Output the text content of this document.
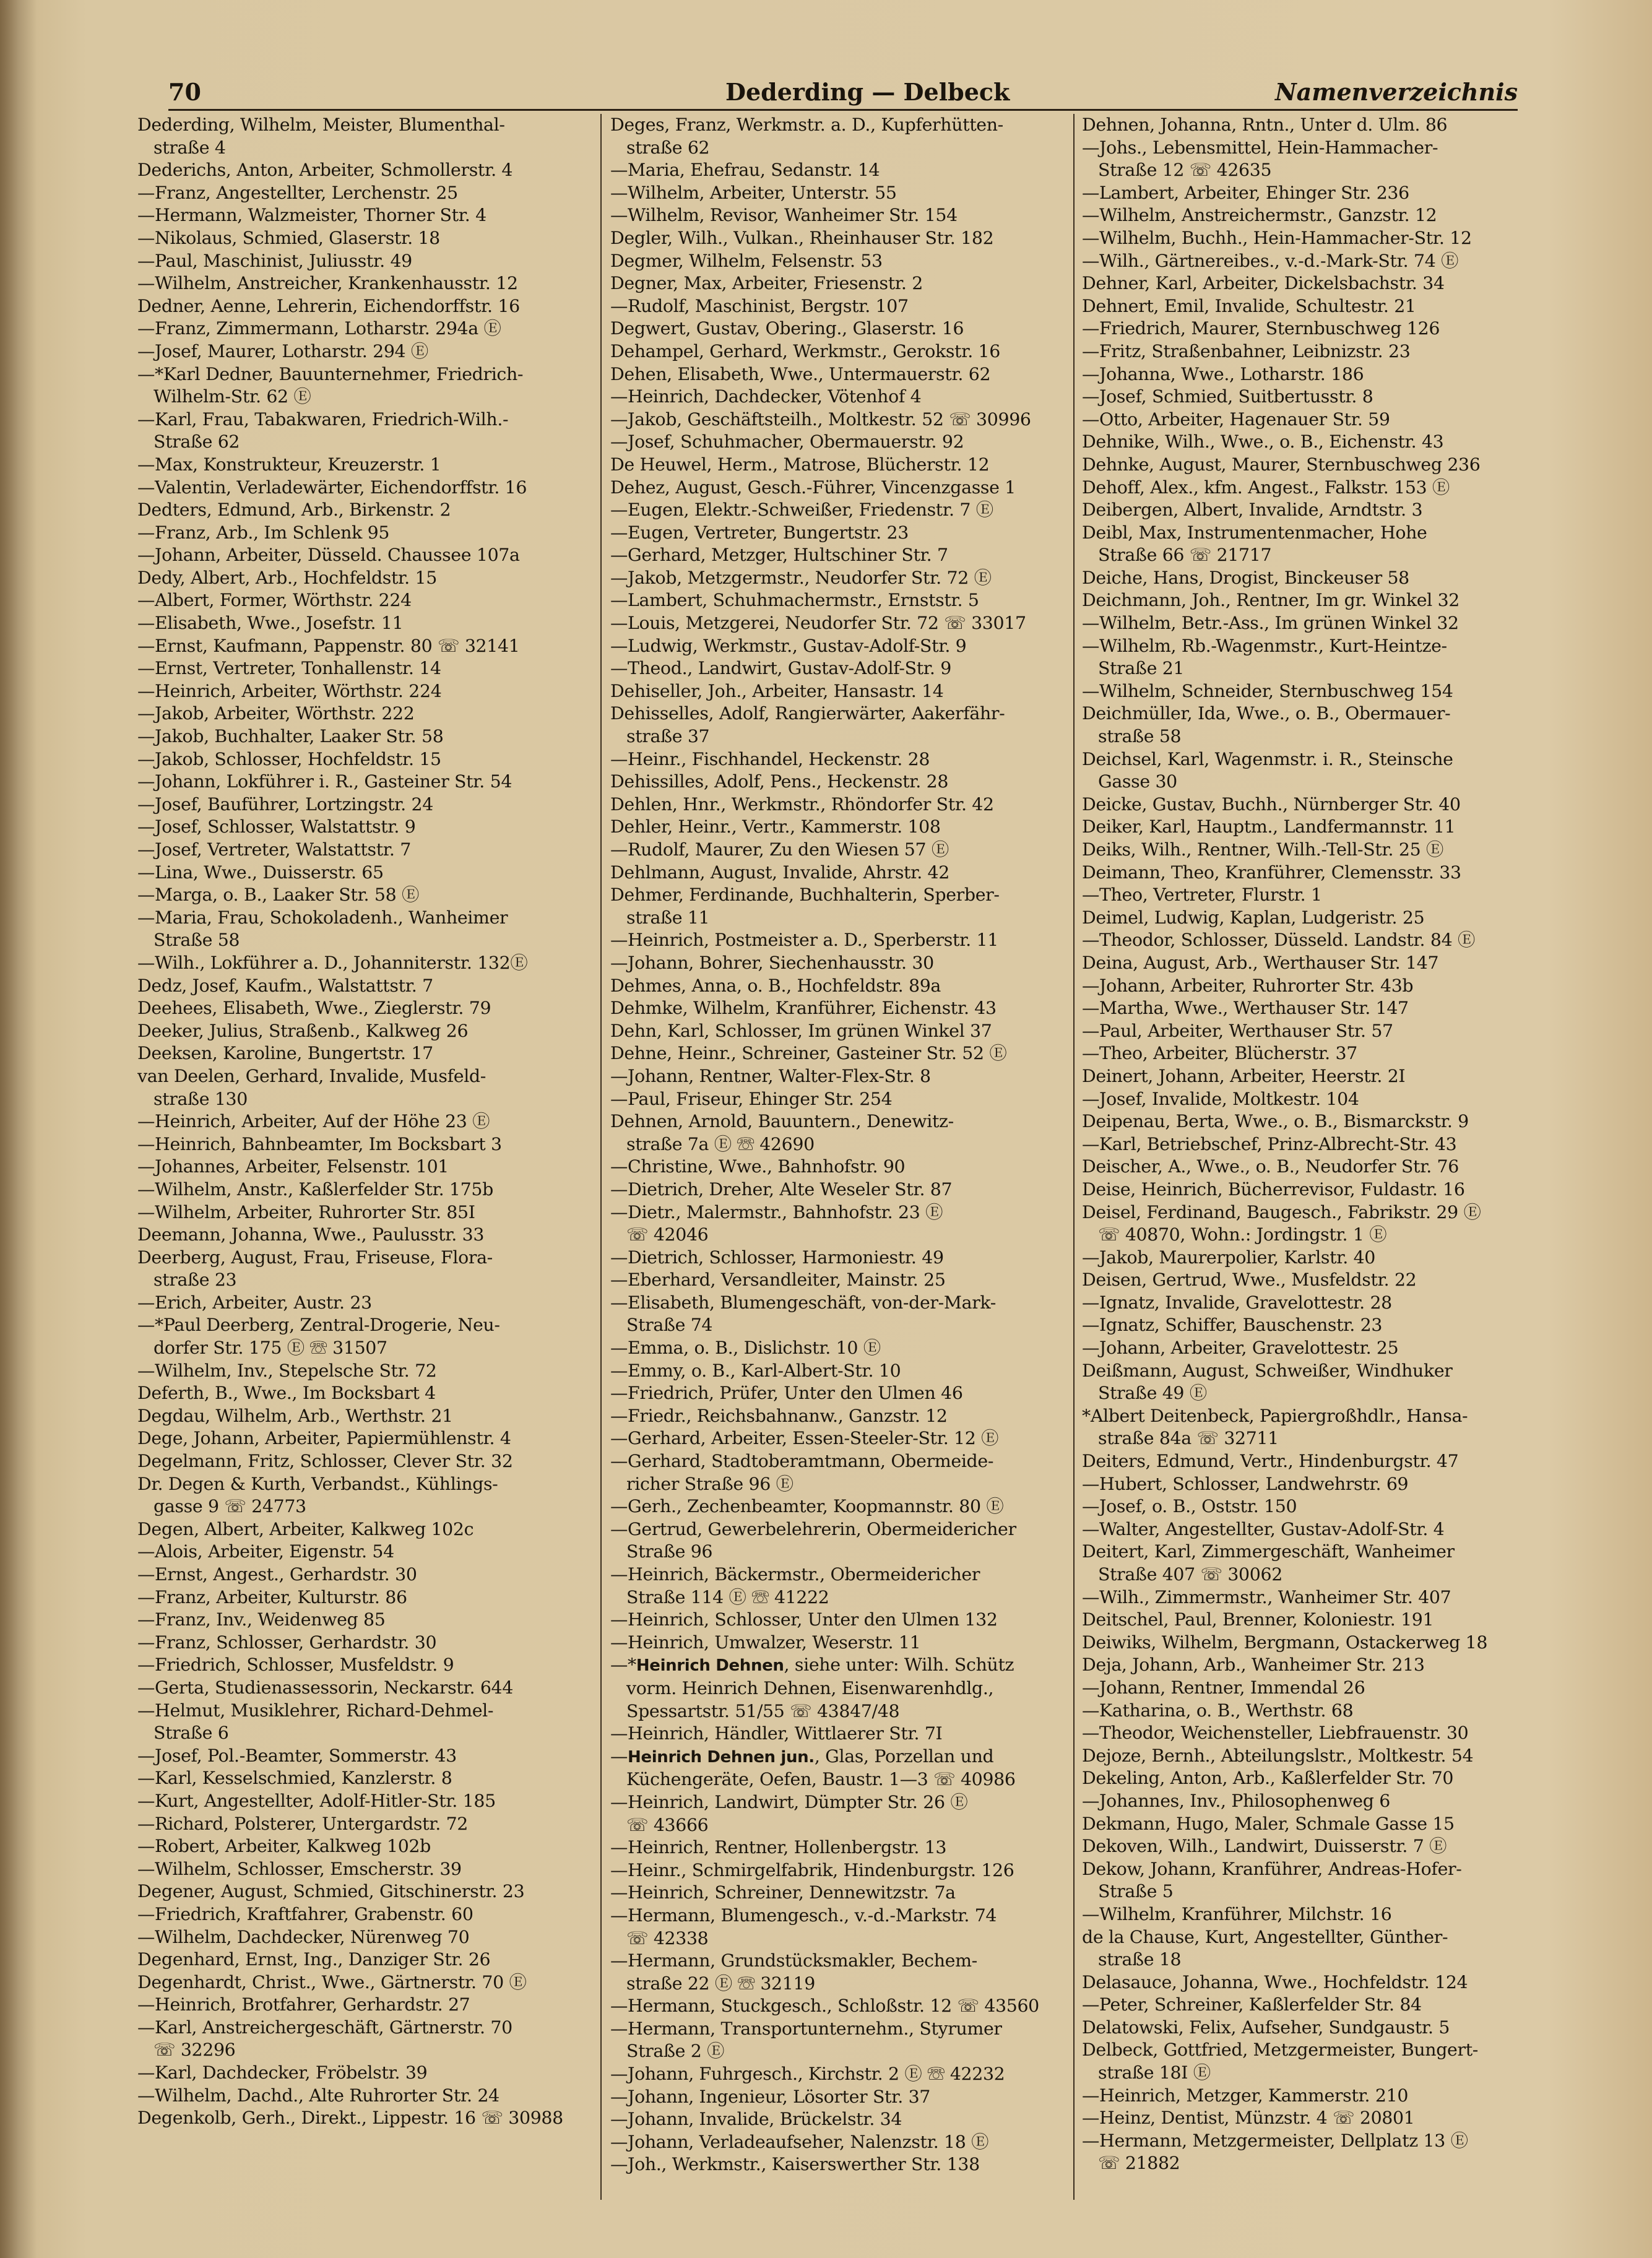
70	Dederding — Delbeck	Namenverzeichnis
Dederding, Wilhelm, Meister, Blumenthal-
straße 4
Dederichs, Anton, Arbeiter, Schmollerstr. 4
—Franz, Angestellter, Lerchenstr. 25
—Hermann, Walzmeister, Thorner Str. 4
—Nikolaus, Schmied, Glaserstr. 18
—Paul, Maschinist, Juliusstr. 49
—Wilhelm, Anstreicher, Krankenhausstr. 12
Dedner, Aenne, Lehrerin, Eichendorffstr. 16
—Franz, Zimmermann, Lotharstr. 294a Ⓔ
—Josef, Maurer, Lotharstr. 294 Ⓔ
—*Karl Dedner, Bauunternehmer, Friedrich-
Wilhelm-Str. 62 Ⓔ
—Karl, Frau, Tabakwaren, Friedrich-Wilh.-
Straße 62
—Max, Konstrukteur, Kreuzerstr. 1
—Valentin, Verladewärter, Eichendorffstr. 16
Dedters, Edmund, Arb., Birkenstr. 2
—Franz, Arb., Im Schlenk 95
—Johann, Arbeiter, Düsseld. Chaussee 107a
Dedy, Albert, Arb., Hochfeldstr. 15
—Albert, Former, Wörthstr. 224
—Elisabeth, Wwe., Josefstr. 11
—Ernst, Kaufmann, Pappenstr. 80 ☏ 32141
—Ernst, Vertreter, Tonhallenstr. 14
—Heinrich, Arbeiter, Wörthstr. 224
—Jakob, Arbeiter, Wörthstr. 222
—Jakob, Buchhalter, Laaker Str. 58
—Jakob, Schlosser, Hochfeldstr. 15
—Johann, Lokführer i. R., Gasteiner Str. 54
—Josef, Bauführer, Lortzingstr. 24
—Josef, Schlosser, Walstattstr. 9
—Josef, Vertreter, Walstattstr. 7
—Lina, Wwe., Duisserstr. 65
—Marga, o. B., Laaker Str. 58 Ⓔ
—Maria, Frau, Schokoladenh., Wanheimer
Straße 58
—Wilh., Lokführer a. D., Johanniterstr. 132Ⓔ
Dedz, Josef, Kaufm., Walstattstr. 7
Deehees, Elisabeth, Wwe., Zieglerstr. 79
Deeker, Julius, Straßenb., Kalkweg 26
Deeksen, Karoline, Bungertstr. 17
van Deelen, Gerhard, Invalide, Musfeld-
straße 130
—Heinrich, Arbeiter, Auf der Höhe 23 Ⓔ
—Heinrich, Bahnbeamter, Im Bocksbart 3
—Johannes, Arbeiter, Felsenstr. 101
—Wilhelm, Anstr., Kaßlerfelder Str. 175b
—Wilhelm, Arbeiter, Ruhrorter Str. 85I
Deemann, Johanna, Wwe., Paulusstr. 33
Deerberg, August, Frau, Friseuse, Flora-
straße 23
—Erich, Arbeiter, Austr. 23
—*Paul Deerberg, Zentral-Drogerie, Neu-
dorfer Str. 175 Ⓔ ☏ 31507
—Wilhelm, Inv., Stepelsche Str. 72
Deferth, B., Wwe., Im Bocksbart 4
Degdau, Wilhelm, Arb., Werthstr. 21
Dege, Johann, Arbeiter, Papiermühlenstr. 4
Degelmann, Fritz, Schlosser, Clever Str. 32
Dr. Degen & Kurth, Verbandst., Kühlings-
gasse 9 ☏ 24773
Degen, Albert, Arbeiter, Kalkweg 102c
—Alois, Arbeiter, Eigenstr. 54
—Ernst, Angest., Gerhardstr. 30
—Franz, Arbeiter, Kulturstr. 86
—Franz, Inv., Weidenweg 85
—Franz, Schlosser, Gerhardstr. 30
—Friedrich, Schlosser, Musfeldstr. 9
—Gerta, Studienassessorin, Neckarstr. 644
—Helmut, Musiklehrer, Richard-Dehmel-
Straße 6
—Josef, Pol.-Beamter, Sommerstr. 43
—Karl, Kesselschmied, Kanzlerstr. 8
—Kurt, Angestellter, Adolf-Hitler-Str. 185
—Richard, Polsterer, Untergardstr. 72
—Robert, Arbeiter, Kalkweg 102b
—Wilhelm, Schlosser, Emscherstr. 39
Degener, August, Schmied, Gitschinerstr. 23
—Friedrich, Kraftfahrer, Grabenstr. 60
—Wilhelm, Dachdecker, Nürenweg 70
Degenhard, Ernst, Ing., Danziger Str. 26
Degenhardt, Christ., Wwe., Gärtnerstr. 70 Ⓔ
—Heinrich, Brotfahrer, Gerhardstr. 27
—Karl, Anstreichergeschäft, Gärtnerstr. 70
☏ 32296
—Karl, Dachdecker, Fröbelstr. 39
—Wilhelm, Dachd., Alte Ruhrorter Str. 24
Degenkolb, Gerh., Direkt., Lippestr. 16 ☏ 30988
Deges, Franz, Werkmstr. a. D., Kupferhütten-
straße 62
—Maria, Ehefrau, Sedanstr. 14
—Wilhelm, Arbeiter, Unterstr. 55
—Wilhelm, Revisor, Wanheimer Str. 154
Degler, Wilh., Vulkan., Rheinhauser Str. 182
Degmer, Wilhelm, Felsenstr. 53
Degner, Max, Arbeiter, Friesenstr. 2
—Rudolf, Maschinist, Bergstr. 107
Degwert, Gustav, Obering., Glaserstr. 16
Dehampel, Gerhard, Werkmstr., Gerokstr. 16
Dehen, Elisabeth, Wwe., Untermauerstr. 62
—Heinrich, Dachdecker, Vötenhof 4
—Jakob, Geschäftsteilh., Moltkestr. 52 ☏ 30996
—Josef, Schuhmacher, Obermauerstr. 92
De Heuwel, Herm., Matrose, Blücherstr. 12
Dehez, August, Gesch.-Führer, Vincenzgasse 1
—Eugen, Elektr.-Schweißer, Friedenstr. 7 Ⓔ
—Eugen, Vertreter, Bungertstr. 23
—Gerhard, Metzger, Hultschiner Str. 7
—Jakob, Metzgermstr., Neudorfer Str. 72 Ⓔ
—Lambert, Schuhmachermstr., Ernststr. 5
—Louis, Metzgerei, Neudorfer Str. 72 ☏ 33017
—Ludwig, Werkmstr., Gustav-Adolf-Str. 9
—Theod., Landwirt, Gustav-Adolf-Str. 9
Dehiseller, Joh., Arbeiter, Hansastr. 14
Dehisselles, Adolf, Rangierwärter, Aakerfähr-
straße 37
—Heinr., Fischhandel, Heckenstr. 28
Dehissilles, Adolf, Pens., Heckenstr. 28
Dehlen, Hnr., Werkmstr., Rhöndorfer Str. 42
Dehler, Heinr., Vertr., Kammerstr. 108
—Rudolf, Maurer, Zu den Wiesen 57 Ⓔ
Dehlmann, August, Invalide, Ahrstr. 42
Dehmer, Ferdinande, Buchhalterin, Sperber-
straße 11
—Heinrich, Postmeister a. D., Sperberstr. 11
—Johann, Bohrer, Siechenhausstr. 30
Dehmes, Anna, o. B., Hochfeldstr. 89a
Dehmke, Wilhelm, Kranführer, Eichenstr. 43
Dehn, Karl, Schlosser, Im grünen Winkel 37
Dehne, Heinr., Schreiner, Gasteiner Str. 52 Ⓔ
—Johann, Rentner, Walter-Flex-Str. 8
—Paul, Friseur, Ehinger Str. 254
Dehnen, Arnold, Bauuntern., Denewitz-
straße 7a Ⓔ ☏ 42690
—Christine, Wwe., Bahnhofstr. 90
—Dietrich, Dreher, Alte Weseler Str. 87
—Dietr., Malermstr., Bahnhofstr. 23 Ⓔ
☏ 42046
—Dietrich, Schlosser, Harmoniestr. 49
—Eberhard, Versandleiter, Mainstr. 25
—Elisabeth, Blumengeschäft, von-der-Mark-
Straße 74
—Emma, o. B., Dislichstr. 10 Ⓔ
—Emmy, o. B., Karl-Albert-Str. 10
—Friedrich, Prüfer, Unter den Ulmen 46
—Friedr., Reichsbahnanw., Ganzstr. 12
—Gerhard, Arbeiter, Essen-Steeler-Str. 12 Ⓔ
—Gerhard, Stadtoberamtmann, Obermeide-
richer Straße 96 Ⓔ
—Gerh., Zechenbeamter, Koopmannstr. 80 Ⓔ
—Gertrud, Gewerbelehrerin, Obermeidericher
Straße 96
—Heinrich, Bäckermstr., Obermeidericher
Straße 114 Ⓔ ☏ 41222
—Heinrich, Schlosser, Unter den Ulmen 132
—Heinrich, Umwalzer, Weserstr. 11
—*Heinrich Dehnen, siehe unter: Wilh. Schütz
vorm. Heinrich Dehnen, Eisenwarenhdlg.,
Spessartstr. 51/55 ☏ 43847/48
—Heinrich, Händler, Wittlaerer Str. 7I
—Heinrich Dehnen jun., Glas, Porzellan und
Küchengeräte, Oefen, Baustr. 1—3 ☏ 40986
—Heinrich, Landwirt, Dümpter Str. 26 Ⓔ
☏ 43666
—Heinrich, Rentner, Hollenbergstr. 13
—Heinr., Schmirgelfabrik, Hindenburgstr. 126
—Heinrich, Schreiner, Dennewitzstr. 7a
—Hermann, Blumengesch., v.-d.-Markstr. 74
☏ 42338
—Hermann, Grundstücksmakler, Bechem-
straße 22 Ⓔ ☏ 32119
—Hermann, Stuckgesch., Schloßstr. 12 ☏ 43560
—Hermann, Transportunternehm., Styrumer
Straße 2 Ⓔ
—Johann, Fuhrgesch., Kirchstr. 2 Ⓔ ☏ 42232
—Johann, Ingenieur, Lösorter Str. 37
—Johann, Invalide, Brückelstr. 34
—Johann, Verladeaufseher, Nalenzstr. 18 Ⓔ
—Joh., Werkmstr., Kaiserswerther Str. 138
Dehnen, Johanna, Rntn., Unter d. Ulm. 86
—Johs., Lebensmittel, Hein-Hammacher-
Straße 12 ☏ 42635
—Lambert, Arbeiter, Ehinger Str. 236
—Wilhelm, Anstreichermstr., Ganzstr. 12
—Wilhelm, Buchh., Hein-Hammacher-Str. 12
—Wilh., Gärtnereibes., v.-d.-Mark-Str. 74 Ⓔ
Dehner, Karl, Arbeiter, Dickelsbachstr. 34
Dehnert, Emil, Invalide, Schultestr. 21
—Friedrich, Maurer, Sternbuschweg 126
—Fritz, Straßenbahner, Leibnizstr. 23
—Johanna, Wwe., Lotharstr. 186
—Josef, Schmied, Suitbertusstr. 8
—Otto, Arbeiter, Hagenauer Str. 59
Dehnike, Wilh., Wwe., o. B., Eichenstr. 43
Dehnke, August, Maurer, Sternbuschweg 236
Dehoff, Alex., kfm. Angest., Falkstr. 153 Ⓔ
Deibergen, Albert, Invalide, Arndtstr. 3
Deibl, Max, Instrumentenmacher, Hohe
Straße 66 ☏ 21717
Deiche, Hans, Drogist, Binckeuser 58
Deichmann, Joh., Rentner, Im gr. Winkel 32
—Wilhelm, Betr.-Ass., Im grünen Winkel 32
—Wilhelm, Rb.-Wagenmstr., Kurt-Heintze-
Straße 21
—Wilhelm, Schneider, Sternbuschweg 154
Deichmüller, Ida, Wwe., o. B., Obermauer-
straße 58
Deichsel, Karl, Wagenmstr. i. R., Steinsche
Gasse 30
Deicke, Gustav, Buchh., Nürnberger Str. 40
Deiker, Karl, Hauptm., Landfermannstr. 11
Deiks, Wilh., Rentner, Wilh.-Tell-Str. 25 Ⓔ
Deimann, Theo, Kranführer, Clemensstr. 33
—Theo, Vertreter, Flurstr. 1
Deimel, Ludwig, Kaplan, Ludgeristr. 25
—Theodor, Schlosser, Düsseld. Landstr. 84 Ⓔ
Deina, August, Arb., Werthauser Str. 147
—Johann, Arbeiter, Ruhrorter Str. 43b
—Martha, Wwe., Werthauser Str. 147
—Paul, Arbeiter, Werthauser Str. 57
—Theo, Arbeiter, Blücherstr. 37
Deinert, Johann, Arbeiter, Heerstr. 2I
—Josef, Invalide, Moltkestr. 104
Deipenau, Berta, Wwe., o. B., Bismarckstr. 9
—Karl, Betriebschef, Prinz-Albrecht-Str. 43
Deischer, A., Wwe., o. B., Neudorfer Str. 76
Deise, Heinrich, Bücherrevisor, Fuldastr. 16
Deisel, Ferdinand, Baugesch., Fabrikstr. 29 Ⓔ
☏ 40870, Wohn.: Jordingstr. 1 Ⓔ
—Jakob, Maurerpolier, Karlstr. 40
Deisen, Gertrud, Wwe., Musfeldstr. 22
—Ignatz, Invalide, Gravelottestr. 28
—Ignatz, Schiffer, Bauschenstr. 23
—Johann, Arbeiter, Gravelottestr. 25
Deißmann, August, Schweißer, Windhuker
Straße 49 Ⓔ
*Albert Deitenbeck, Papiergroßhdlr., Hansa-
straße 84a ☏ 32711
Deiters, Edmund, Vertr., Hindenburgstr. 47
—Hubert, Schlosser, Landwehrstr. 69
—Josef, o. B., Oststr. 150
—Walter, Angestellter, Gustav-Adolf-Str. 4
Deitert, Karl, Zimmergeschäft, Wanheimer
Straße 407 ☏ 30062
—Wilh., Zimmermstr., Wanheimer Str. 407
Deitschel, Paul, Brenner, Koloniestr. 191
Deiwiks, Wilhelm, Bergmann, Ostackerweg 18
Deja, Johann, Arb., Wanheimer Str. 213
—Johann, Rentner, Immendal 26
—Katharina, o. B., Werthstr. 68
—Theodor, Weichensteller, Liebfrauenstr. 30
Dejoze, Bernh., Abteilungslstr., Moltkestr. 54
Dekeling, Anton, Arb., Kaßlerfelder Str. 70
—Johannes, Inv., Philosophenweg 6
Dekmann, Hugo, Maler, Schmale Gasse 15
Dekoven, Wilh., Landwirt, Duisserstr. 7 Ⓔ
Dekow, Johann, Kranführer, Andreas-Hofer-
Straße 5
—Wilhelm, Kranführer, Milchstr. 16
de la Chause, Kurt, Angestellter, Günther-
straße 18
Delasauce, Johanna, Wwe., Hochfeldstr. 124
—Peter, Schreiner, Kaßlerfelder Str. 84
Delatowski, Felix, Aufseher, Sundgaustr. 5
Delbeck, Gottfried, Metzgermeister, Bungert-
straße 18I Ⓔ
—Heinrich, Metzger, Kammerstr. 210
—Heinz, Dentist, Münzstr. 4 ☏ 20801
—Hermann, Metzgermeister, Dellplatz 13 Ⓔ
☏ 21882
